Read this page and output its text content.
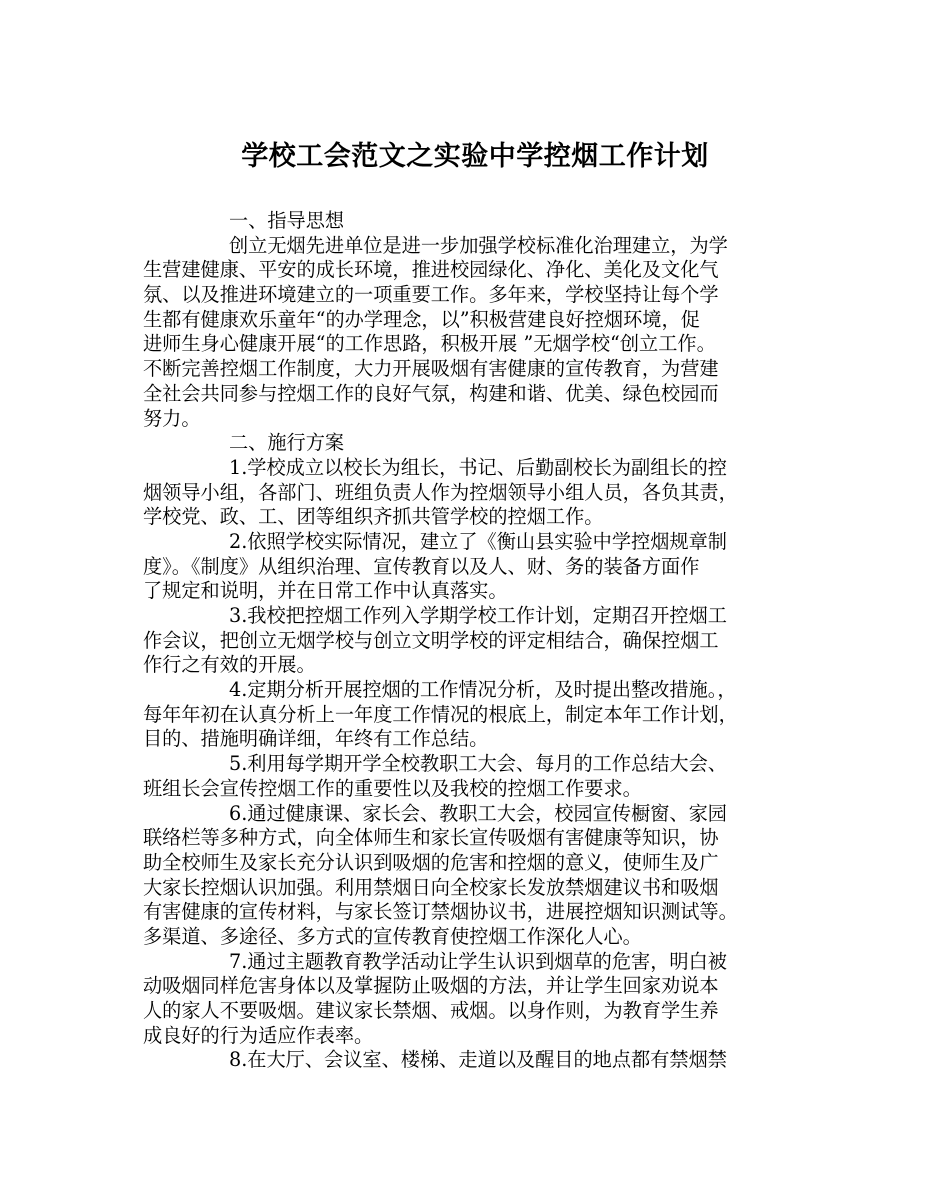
学校工会范文之实验中学控烟工作计划
一、指导思想
创立无烟先进单位是进一步加强学校标准化治理建立，为学
生营建健康、平安的成长环境，推进校园绿化、净化、美化及文化气
氛、以及推进环境建立的一项重要工作。多年来，学校坚持让每个学
生都有健康欢乐童年“的办学理念，以”积极营建良好控烟环境，促
进师生身心健康开展“的工作思路，积极开展 ”无烟学校“创立工作。
不断完善控烟工作制度，大力开展吸烟有害健康的宣传教育，为营建
全社会共同参与控烟工作的良好气氛，构建和谐、优美、绿色校园而
努力。
二、施行方案
1.学校成立以校长为组长，书记、后勤副校长为副组长的控
烟领导小组，各部门、班组负责人作为控烟领导小组人员，各负其责，
学校党、政、工、团等组织齐抓共管学校的控烟工作。
2.依照学校实际情况，建立了《衡山县实验中学控烟规章制
度》。《制度》从组织治理、宣传教育以及人、财、务的装备方面作
了规定和说明，并在日常工作中认真落实。
3.我校把控烟工作列入学期学校工作计划，定期召开控烟工
作会议，把创立无烟学校与创立文明学校的评定相结合，确保控烟工
作行之有效的开展。
4.定期分析开展控烟的工作情况分析，及时提出整改措施。，
每年年初在认真分析上一年度工作情况的根底上，制定本年工作计划，
目的、措施明确详细，年终有工作总结。
5.利用每学期开学全校教职工大会、每月的工作总结大会、
班组长会宣传控烟工作的重要性以及我校的控烟工作要求。
6.通过健康课、家长会、教职工大会，校园宣传橱窗、家园
联络栏等多种方式，向全体师生和家长宣传吸烟有害健康等知识，协
助全校师生及家长充分认识到吸烟的危害和控烟的意义，使师生及广
大家长控烟认识加强。利用禁烟日向全校家长发放禁烟建议书和吸烟
有害健康的宣传材料，与家长签订禁烟协议书，进展控烟知识测试等。
多渠道、多途径、多方式的宣传教育使控烟工作深化人心。
7.通过主题教育教学活动让学生认识到烟草的危害，明白被
动吸烟同样危害身体以及掌握防止吸烟的方法，并让学生回家劝说本
人的家人不要吸烟。建议家长禁烟、戒烟。以身作则，为教育学生养
成良好的行为适应作表率。
8.在大厅、会议室、楼梯、走道以及醒目的地点都有禁烟禁
